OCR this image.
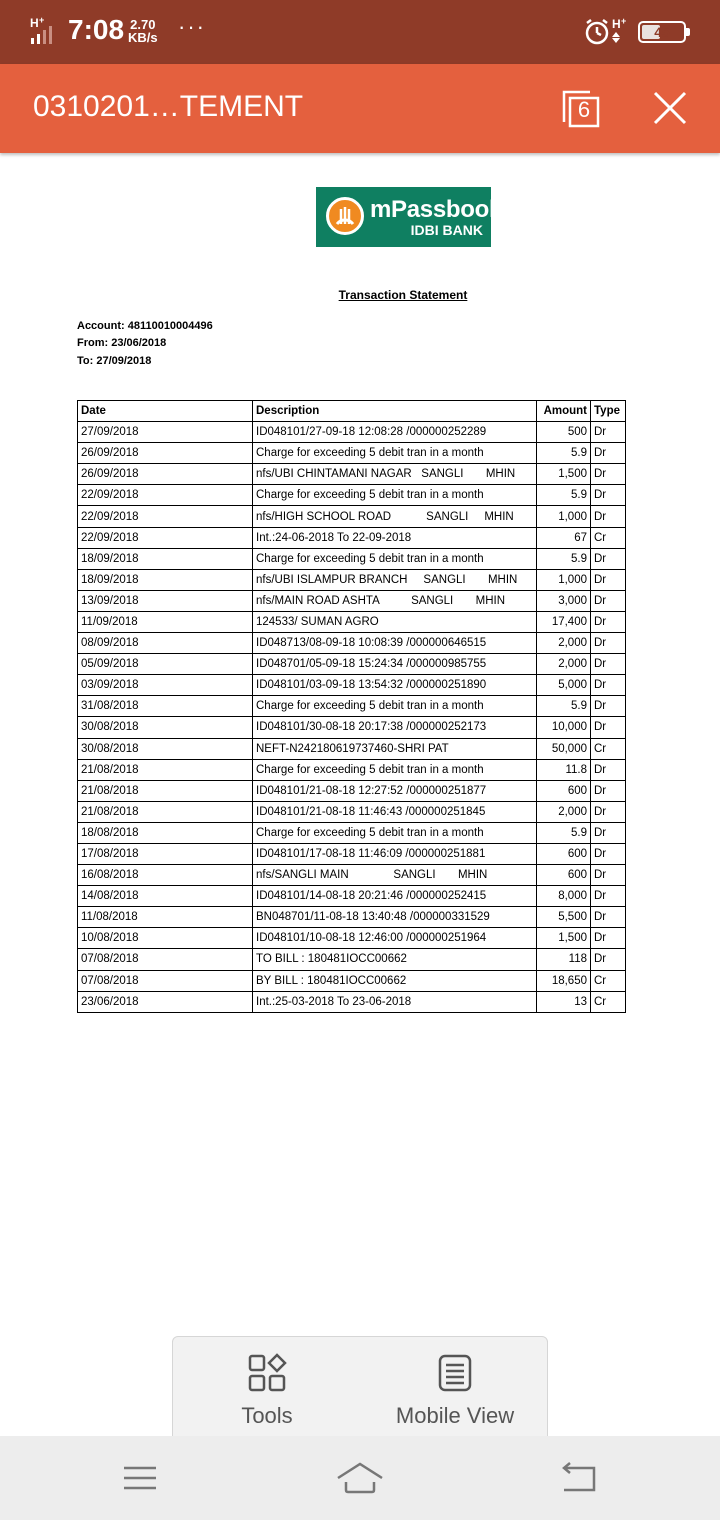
H + 7:08 2.70
KB/s ···	H +
45
0310201…TEMENT	6
mPassbook
IDBI BANK
Transaction Statement
Account: 48110010004496
From: 23/06/2018
To: 27/09/2018
Date	Description	Amount	Type
27/09/2018	ID048101/27-09-18 12:08:28 /000000252289	500	Dr
26/09/2018	Charge for exceeding 5 debit tran in a month	5.9	Dr
26/09/2018	nfs/UBI CHINTAMANI NAGAR   SANGLI       MHIN	1,500	Dr
22/09/2018	Charge for exceeding 5 debit tran in a month	5.9	Dr
22/09/2018	nfs/HIGH SCHOOL ROAD           SANGLI     MHIN	1,000	Dr
22/09/2018	Int.:24-06-2018 To 22-09-2018	67	Cr
18/09/2018	Charge for exceeding 5 debit tran in a month	5.9	Dr
18/09/2018	nfs/UBI ISLAMPUR BRANCH     SANGLI       MHIN	1,000	Dr
13/09/2018	nfs/MAIN ROAD ASHTA          SANGLI       MHIN	3,000	Dr
11/09/2018	124533/ SUMAN AGRO	17,400	Dr
08/09/2018	ID048713/08-09-18 10:08:39 /000000646515	2,000	Dr
05/09/2018	ID048701/05-09-18 15:24:34 /000000985755	2,000	Dr
03/09/2018	ID048101/03-09-18 13:54:32 /000000251890	5,000	Dr
31/08/2018	Charge for exceeding 5 debit tran in a month	5.9	Dr
30/08/2018	ID048101/30-08-18 20:17:38 /000000252173	10,000	Dr
30/08/2018	NEFT-N242180619737460-SHRI PAT	50,000	Cr
21/08/2018	Charge for exceeding 5 debit tran in a month	11.8	Dr
21/08/2018	ID048101/21-08-18 12:27:52 /000000251877	600	Dr
21/08/2018	ID048101/21-08-18 11:46:43 /000000251845	2,000	Dr
18/08/2018	Charge for exceeding 5 debit tran in a month	5.9	Dr
17/08/2018	ID048101/17-08-18 11:46:09 /000000251881	600	Dr
16/08/2018	nfs/SANGLI MAIN              SANGLI       MHIN	600	Dr
14/08/2018	ID048101/14-08-18 20:21:46 /000000252415	8,000	Dr
11/08/2018	BN048701/11-08-18 13:40:48 /000000331529	5,500	Dr
10/08/2018	ID048101/10-08-18 12:46:00 /000000251964	1,500	Dr
07/08/2018	TO BILL : 180481IOCC00662	118	Dr
07/08/2018	BY BILL : 180481IOCC00662	18,650	Cr
23/06/2018	Int.:25-03-2018 To 23-06-2018	13	Cr
Tools	Mobile View
